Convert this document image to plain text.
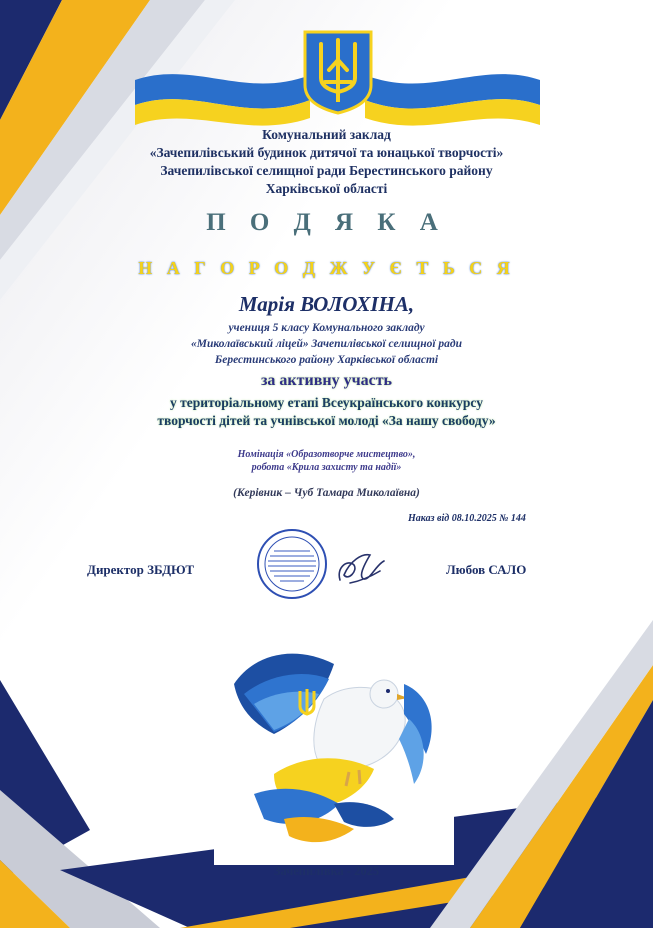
Комунальний заклад
«Зачепилівський будинок дитячої та юнацької творчості»
Зачепилівської селищної ради Берестинського району
Харківської області
П О Д Я К А
Н А Г О Р О Д Ж У Є Т Ь С Я
Марія ВОЛОХІНА,
учениця 5 класу Комунального закладу
«Миколаївський ліцей» Зачепилівської селищної ради
Берестинського району Харківської області
за активну участь
у територіальному етапі Всеукраїнського конкурсу
творчості дітей та учнівської молоді «За нашу свободу»
Номінація «Образотворче мистецтво»,
робота «Крила захисту та надії»
(Керівник – Чуб Тамара Миколаївна)
Наказ від 08.10.2025 № 144
Директор ЗБДЮТ	Любов САЛО
Зачепилівка - 2025
